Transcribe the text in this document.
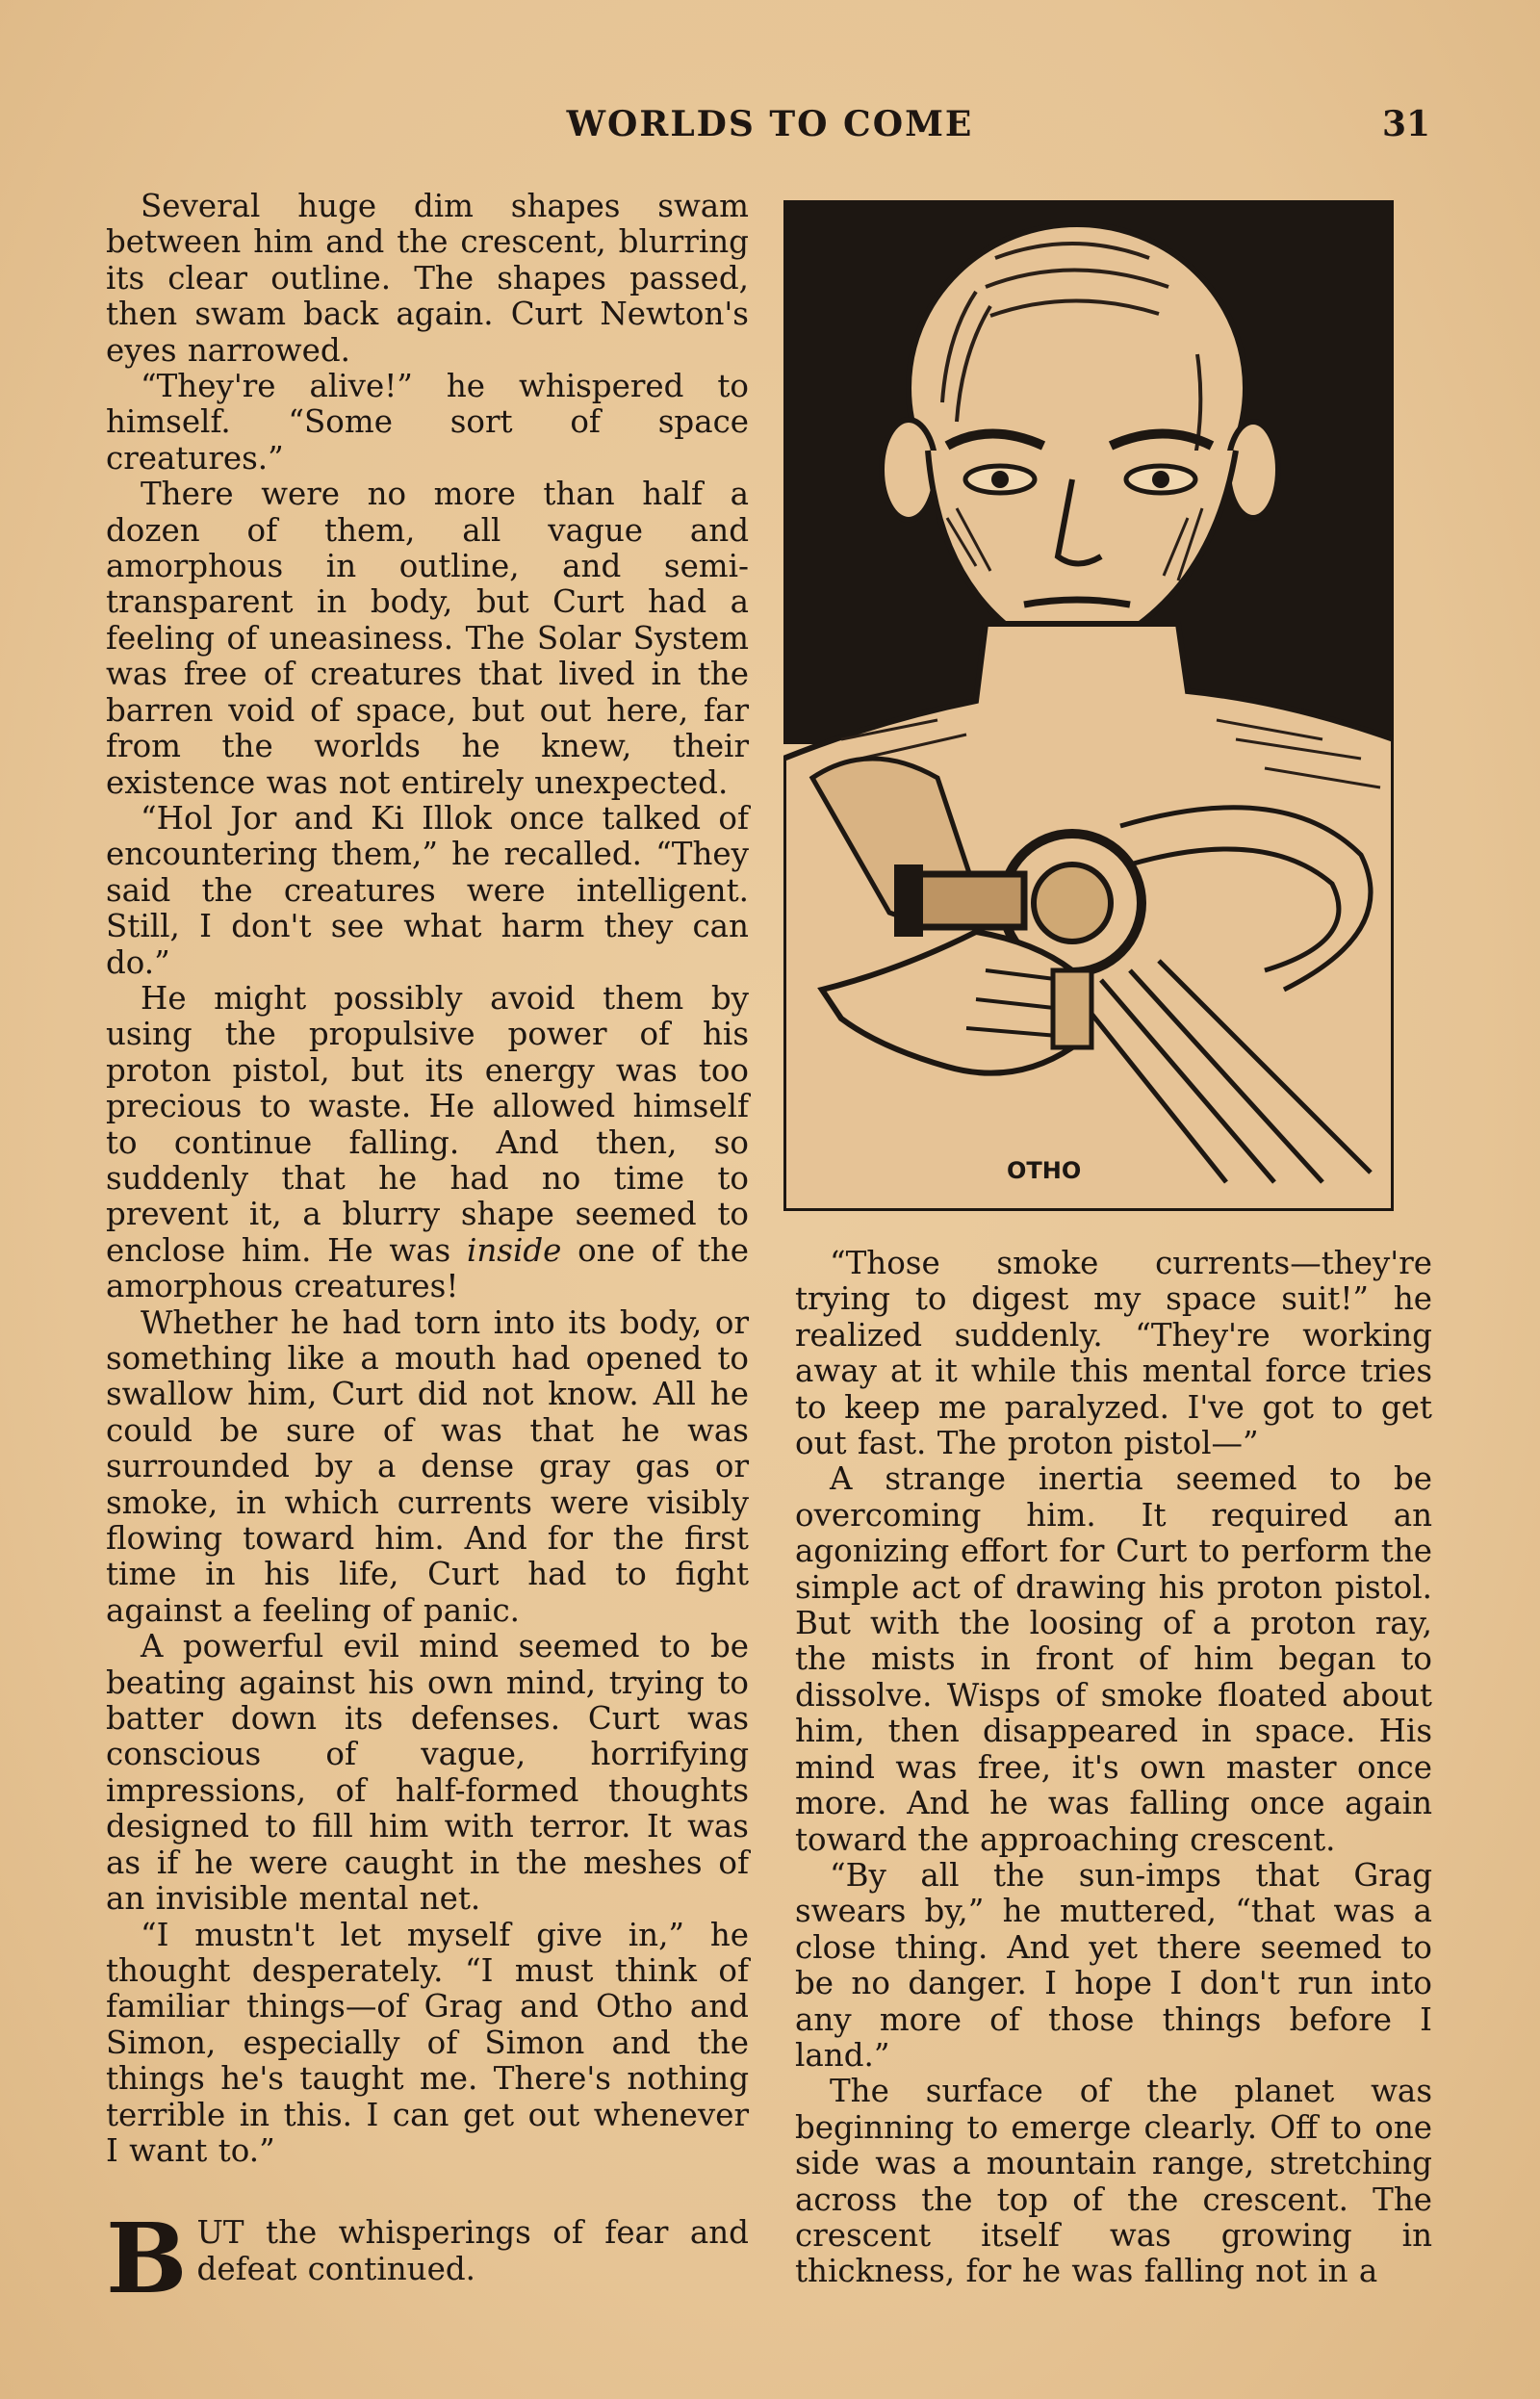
WORLDS TO COME	31

Several huge dim shapes swam between him and the crescent, blurring its clear outline. The shapes passed, then swam back again. Curt Newton's eyes narrowed.

“They're alive!” he whispered to himself. “Some sort of space creatures.”

There were no more than half a dozen of them, all vague and amorphous in outline, and semi-transparent in body, but Curt had a feeling of uneasiness. The Solar System was free of creatures that lived in the barren void of space, but out here, far from the worlds he knew, their existence was not entirely unexpected.

“Hol Jor and Ki Illok once talked of encountering them,” he recalled. “They said the creatures were intelligent. Still, I don't see what harm they can do.”

He might possibly avoid them by using the propulsive power of his proton pistol, but its energy was too precious to waste. He allowed himself to continue falling. And then, so suddenly that he had no time to prevent it, a blurry shape seemed to enclose him. He was inside one of the amorphous creatures!

Whether he had torn into its body, or something like a mouth had opened to swallow him, Curt did not know. All he could be sure of was that he was surrounded by a dense gray gas or smoke, in which currents were visibly flowing toward him. And for the first time in his life, Curt had to fight against a feeling of panic.

A powerful evil mind seemed to be beating against his own mind, trying to batter down its defenses. Curt was conscious of vague, horrifying impressions, of half-formed thoughts designed to fill him with terror. It was as if he were caught in the meshes of an invisible mental net.

“I mustn't let myself give in,” he thought desperately. “I must think of familiar things—of Grag and Otho and Simon, especially of Simon and the things he's taught me. There's nothing terrible in this. I can get out whenever I want to.”

B UT the whisperings of fear and defeat continued.

OTHO

“Those smoke currents—they're trying to digest my space suit!” he realized suddenly. “They're working away at it while this mental force tries to keep me paralyzed. I've got to get out fast. The proton pistol—”

A strange inertia seemed to be overcoming him. It required an agonizing effort for Curt to perform the simple act of drawing his proton pistol. But with the loosing of a proton ray, the mists in front of him began to dissolve. Wisps of smoke floated about him, then disappeared in space. His mind was free, it's own master once more. And he was falling once again toward the approaching crescent.

“By all the sun-imps that Grag swears by,” he muttered, “that was a close thing. And yet there seemed to be no danger. I hope I don't run into any more of those things before I land.”

The surface of the planet was beginning to emerge clearly. Off to one side was a mountain range, stretching across the top of the crescent. The crescent itself was growing in thickness, for he was falling not in a
